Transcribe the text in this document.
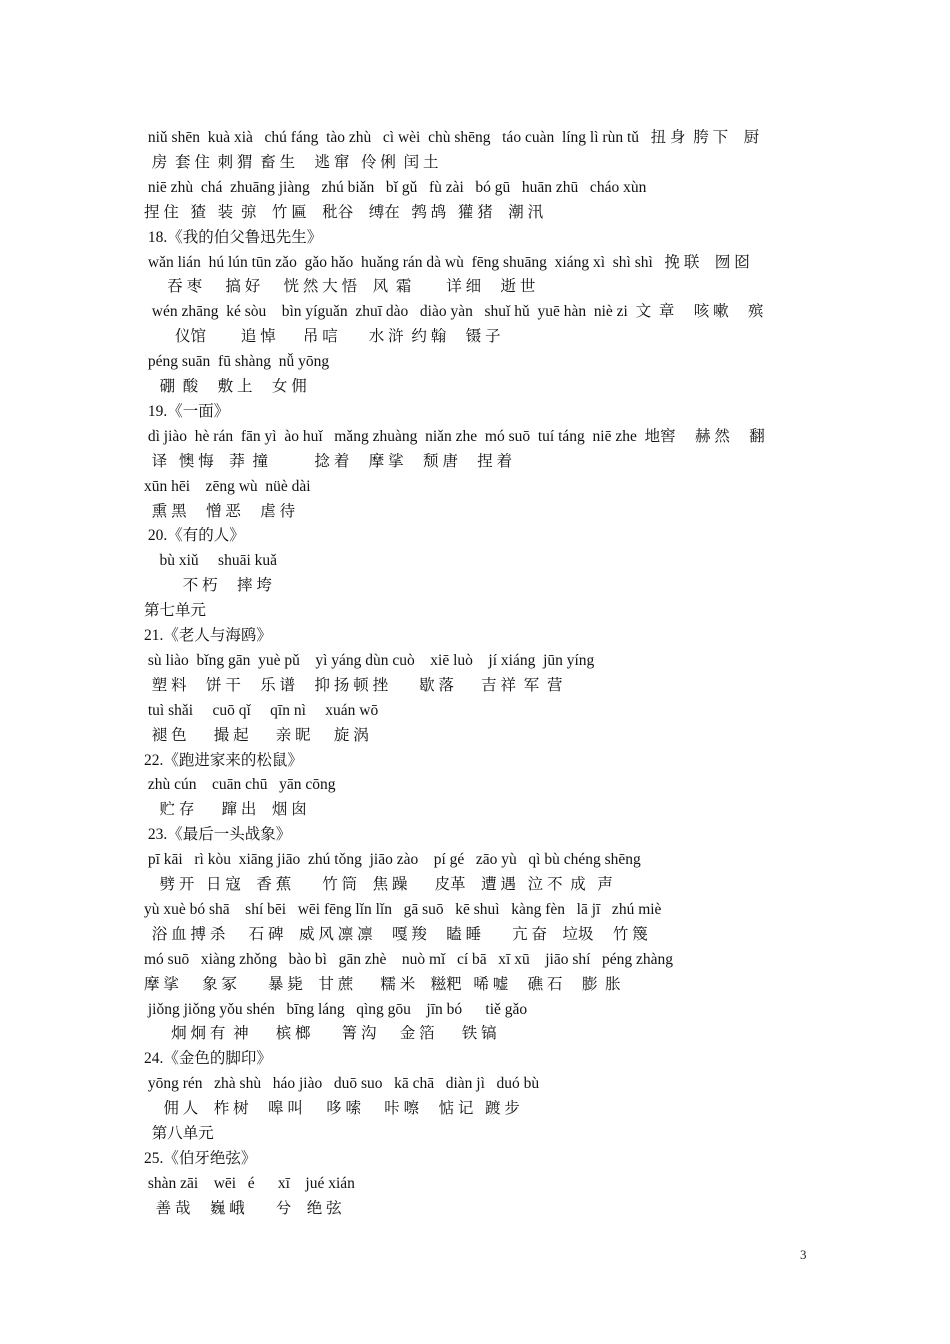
niǔ shēn  kuà xià   chú fáng  tào zhù   cì wèi  chù shēng   táo cuàn  líng lì rùn tǔ   扭 身  胯 下    厨
房  套 住  刺 猬  畜 生     逃 窜   伶 俐  闰 土
niē zhù  chá  zhuāng jiàng   zhú biǎn   bǐ gǔ   fù zài   bó gū   huān zhū   cháo xùn
捏 住   猹   装  弶    竹 匾    秕谷    缚在   鹁 鸪   獾 猪    潮 汛
18.《我的伯父鲁迅先生》
wǎn lián  hú lún tūn zǎo  gǎo hǎo  huǎng rán dà wù  fēng shuāng  xiáng xì  shì shì   挽 联    囫 囵
吞 枣      搞 好      恍 然 大 悟    风  霜         详 细     逝 世
wén zhāng  ké sòu    bìn yíguǎn  zhuī dào   diào yàn   shuǐ hǔ  yuē hàn  niè zi  文  章     咳 嗽     殡
仪馆         追 悼       吊 唁        水 浒  约 翰     镊 子
péng suān  fū shàng  nǚ yōng
硼  酸     敷 上     女 佣
19.《一面》
dì jiào  hè rán  fān yì  ào huǐ   mǎng zhuàng  niǎn zhe  mó suō  tuí táng  niē zhe  地窖     赫 然     翻
译   懊 悔    莽  撞            捻 着     摩 挲     颓 唐     捏 着
xūn hēi    zēng wù  nüè dài
熏 黑     憎 恶     虐 待
20.《有的人》
bù xiǔ     shuāi kuǎ
不 朽     摔 垮
第七单元
21.《老人与海鸥》
sù liào  bǐng gān  yuè pǔ    yì yáng dùn cuò    xiē luò    jí xiáng  jūn yíng
塑 料     饼 干     乐 谱     抑 扬 顿 挫        歇 落       吉 祥  军  营
tuì shǎi     cuō qǐ     qīn nì     xuán wō
褪 色       撮 起       亲 昵      旋 涡
22.《跑进家来的松鼠》
zhù cún    cuān chū   yān cōng
贮 存       蹿 出    烟 囱
23.《最后一头战象》
pī kāi   rì kòu  xiāng jiāo  zhú tǒng  jiāo zào    pí gé   zāo yù   qì bù chéng shēng
劈 开   日 寇    香 蕉        竹 筒    焦 躁       皮革    遭 遇   泣 不  成   声
yù xuè bó shā    shí bēi   wēi fēng lǐn lǐn   gā suō   kē shuì   kàng fèn   lā jī   zhú miè
浴 血 搏 杀      石 碑    威 风 凛 凛     嘎 羧     瞌 睡        亢 奋    垃圾     竹 篾
mó suō   xiàng zhǒng   bào bì   gān zhè    nuò mǐ   cí bā   xī xū    jiāo shí   péng zhàng
摩 挲      象 冢        暴 毙    甘 蔗       糯 米    糍粑   唏 嘘     礁 石     膨  胀
jiǒng jiǒng yǒu shén   bīng láng   qìng gōu    jīn bó      tiě gǎo
炯 炯 有  神       槟 榔        箐 沟      金 箔       铁 镐
24.《金色的脚印》
yōng rén   zhà shù   háo jiào   duō suo   kā chā   diàn jì   duó bù
佣 人    柞 树     嗥 叫      哆 嗦      咔 嚓     惦 记   踱 步
第八单元
25.《伯牙绝弦》
shàn zāi    wēi   é      xī    jué xián
善 哉     巍 峨        兮    绝 弦
3
